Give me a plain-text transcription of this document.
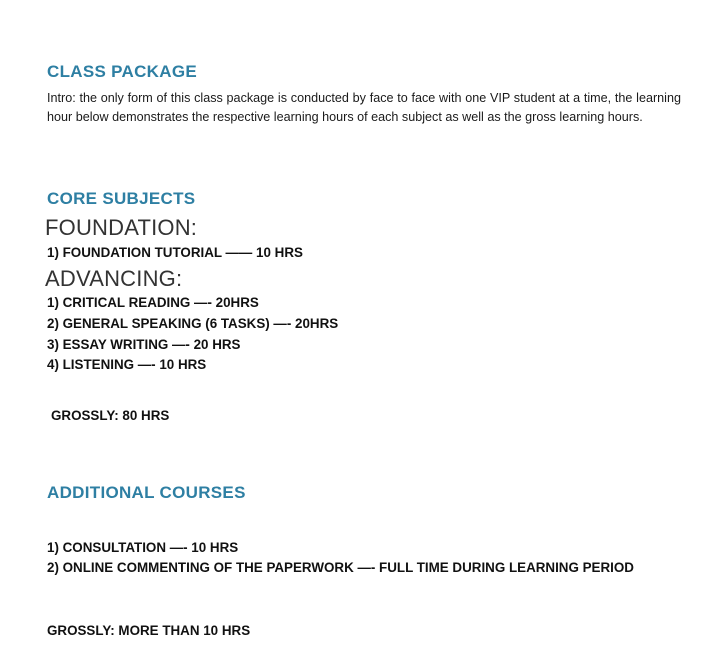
CLASS PACKAGE

Intro: the only form of this class package is conducted by face to face with one VIP student at a time, the learning hour below demonstrates the respective learning hours of each subject as well as the gross learning hours.

CORE SUBJECTS
FOUNDATION:
1) FOUNDATION TUTORIAL —— 10 HRS
ADVANCING:
1) CRITICAL READING —- 20HRS
2) GENERAL SPEAKING (6 TASKS) —- 20HRS
3) ESSAY WRITING —- 20 HRS
4) LISTENING —- 10 HRS
GROSSLY: 80 HRS
ADDITIONAL COURSES
1) CONSULTATION —- 10 HRS
2) ONLINE COMMENTING OF THE PAPERWORK —- FULL TIME DURING LEARNING PERIOD
GROSSLY: MORE THAN 10 HRS
